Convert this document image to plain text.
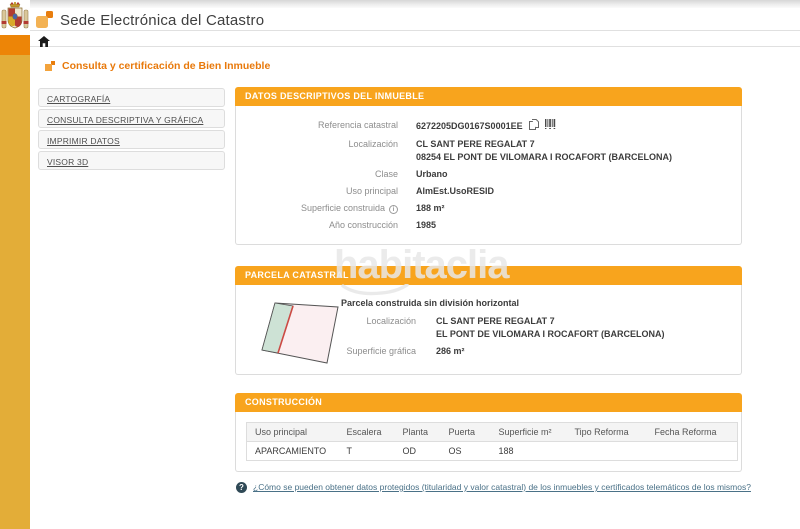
Sede Electrónica del Catastro
Consulta y certificación de Bien Inmueble
CARTOGRAFÍA
CONSULTA DESCRIPTIVA Y GRÁFICA
IMPRIMIR DATOS
VISOR 3D
DATOS DESCRIPTIVOS DEL INMUEBLE
Referencia catastral 6272205DG0167S0001EE
Localización CL SANT PERE REGALAT 7
08254 EL PONT DE VILOMARA I ROCAFORT (BARCELONA)
Clase Urbano
Uso principal AlmEst.UsoRESID
Superficie construida i	188 m²
Año construcción 1985
PARCELA CATASTRAL
Parcela construida sin división horizontal
Localización CL SANT PERE REGALAT 7
EL PONT DE VILOMARA I ROCAFORT (BARCELONA)
Superficie gráfica 286 m²
CONSTRUCCIÓN
Uso principal	Escalera	Planta	Puerta	Superficie m²	Tipo Reforma	Fecha Reforma
APARCAMIENTO	T	OD	OS	188		
?	¿Cómo se pueden obtener datos protegidos (titularidad y valor catastral) de los inmuebles y certificados telemáticos de los mismos?
habitaclia
